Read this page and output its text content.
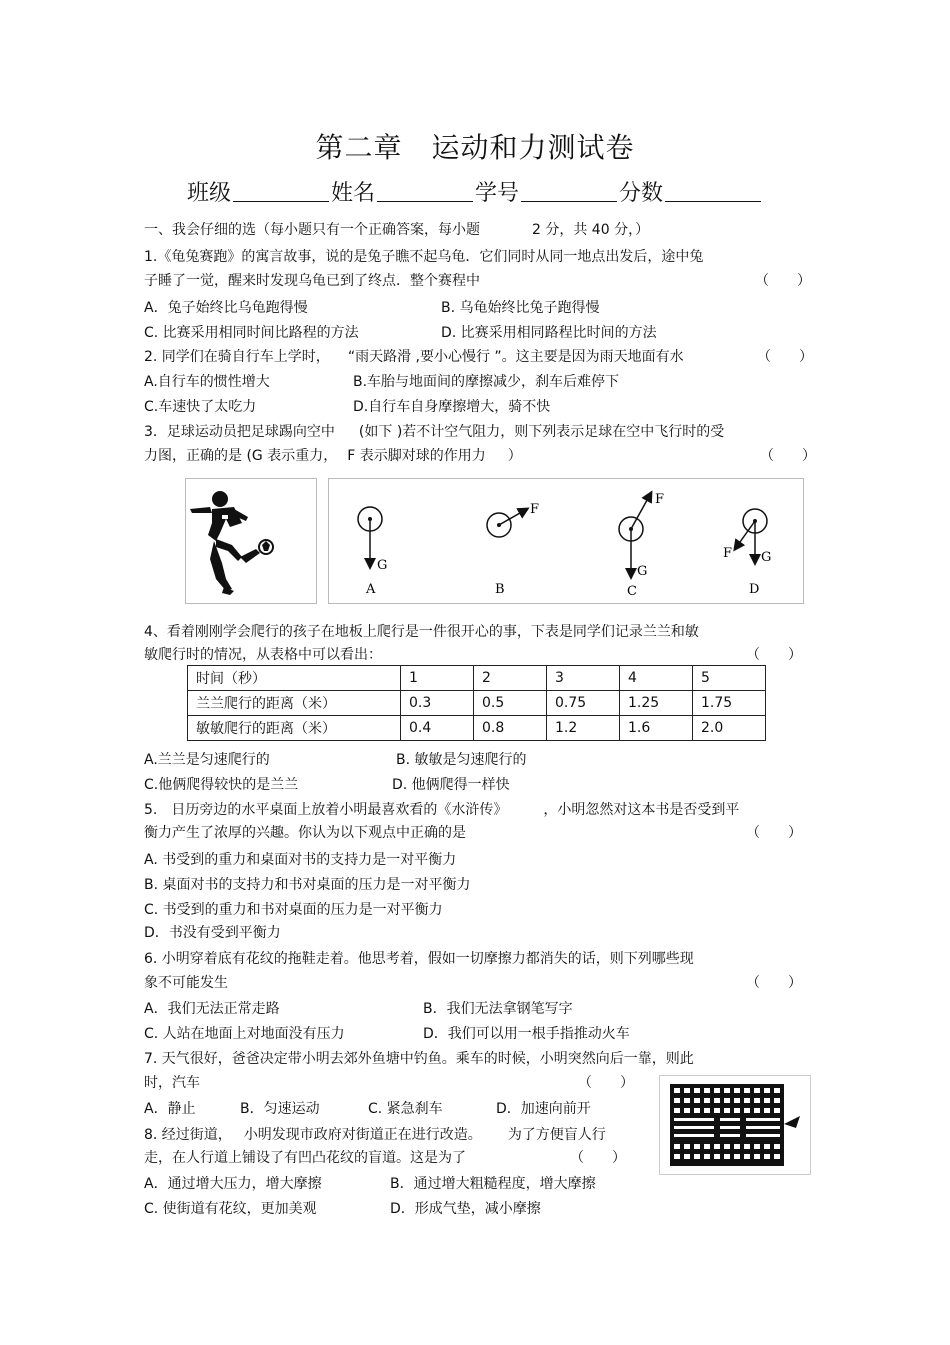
第二章　运动和力测试卷
班级	姓名	学号	分数
一、我会仔细的选（每小题只有一个正确答案，每小题	2 分，共 40 分，）
1.《龟兔赛跑》的寓言故事，说的是兔子瞧不起乌龟．它们同时从同一地点出发后，途中兔
子睡了一觉，醒来时发现乌龟已到了终点．整个赛程中	（　　）
A．兔子始终比乌龟跑得慢	B. 乌龟始终比兔子跑得慢
C. 比赛采用相同时间比路程的方法	D. 比赛采用相同路程比时间的方法
2. 同学们在骑自行车上学时， “雨天路滑 ,要小心慢行 ”。这主要是因为雨天地面有水	（　　）
A.自行车的惯性增大	B.车胎与地面间的摩擦减少，刹车后难停下
C.车速快了太吃力	D.自行车自身摩擦增大，骑不快
3．足球运动员把足球踢向空中 (如下 )若不计空气阻力，则下列表示足球在空中飞行时的受
力图，正确的是 (G 表示重力， F 表示脚对球的作用力 ）	（　　）
G
A
F
B
F
G
C
F G
D
4、看着刚刚学会爬行的孩子在地板上爬行是一件很开心的事，下表是同学们记录兰兰和敏
敏爬行时的情况，从表格中可以看出：	（　　）
时间（秒）	1	2	3	4	5
兰兰爬行的距离（米）	0.3	0.5	0.75	1.25	1.75
敏敏爬行的距离（米）	0.4	0.8	1.2	1.6	2.0
A.兰兰是匀速爬行的	B. 敏敏是匀速爬行的
C.他俩爬得较快的是兰兰	D. 他俩爬得一样快
5.　日历旁边的水平桌面上放着小明最喜欢看的《水浒传》	，小明忽然对这本书是否受到平
衡力产生了浓厚的兴趣。你认为以下观点中正确的是	（　　）
A. 书受到的重力和桌面对书的支持力是一对平衡力
B. 桌面对书的支持力和书对桌面的压力是一对平衡力
C. 书受到的重力和书对桌面的压力是一对平衡力
D．书没有受到平衡力
6. 小明穿着底有花纹的拖鞋走着。他思考着，假如一切摩擦力都消失的话，则下列哪些现
象不可能发生	（　　）
A．我们无法正常走路	B．我们无法拿钢笔写字
C. 人站在地面上对地面没有压力	D．我们可以用一根手指推动火车
7. 天气很好，爸爸决定带小明去郊外鱼塘中钓鱼。乘车的时候，小明突然向后一靠，则此
时，汽车	（　　）
A．静止	B．匀速运动	C. 紧急刹车	D．加速向前开
8. 经过街道， 小明发现市政府对街道正在进行改造。 为了方便盲人行
走，在人行道上铺设了有凹凸花纹的盲道。这是为了	（　　）
A．通过增大压力，增大摩擦	B．通过增大粗糙程度，增大摩擦
C. 使街道有花纹，更加美观	D．形成气垫，减小摩擦
